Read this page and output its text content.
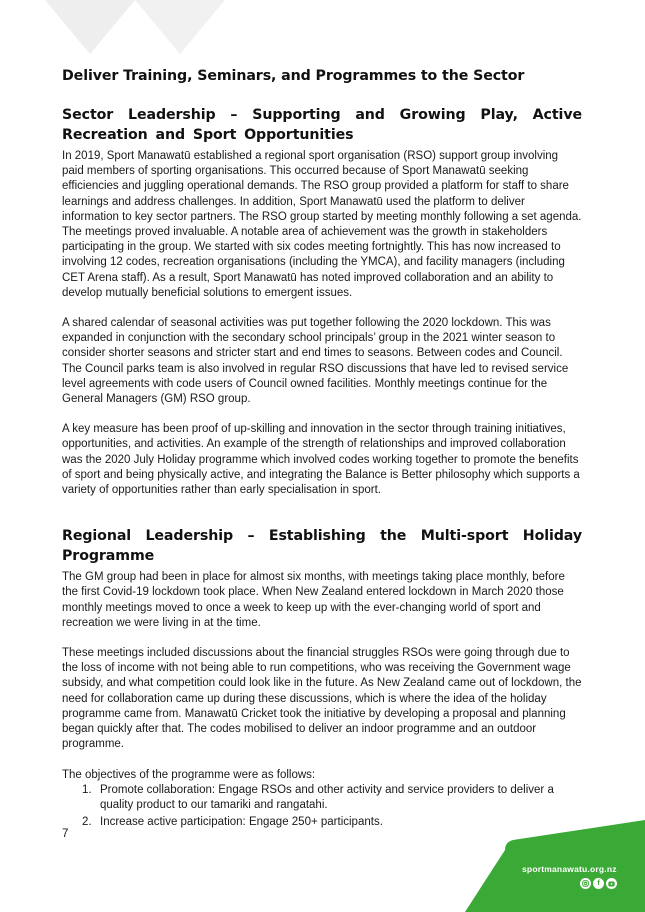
Deliver Training, Seminars, and Programmes to the Sector
Sector Leadership – Supporting and Growing Play, Active Recreation and Sport Opportunities

In 2019, Sport Manawatū established a regional sport organisation (RSO) support group involving paid members of sporting organisations. This occurred because of Sport Manawatū seeking efficiencies and juggling operational demands. The RSO group provided a platform for staff to share learnings and address challenges. In addition, Sport Manawatū used the platform to deliver information to key sector partners. The RSO group started by meeting monthly following a set agenda. The meetings proved invaluable. A notable area of achievement was the growth in stakeholders participating in the group. We started with six codes meeting fortnightly. This has now increased to involving 12 codes, recreation organisations (including the YMCA), and facility managers (including CET Arena staff). As a result, Sport Manawatū has noted improved collaboration and an ability to develop mutually beneficial solutions to emergent issues.

A shared calendar of seasonal activities was put together following the 2020 lockdown. This was expanded in conjunction with the secondary school principals’ group in the 2021 winter season to consider shorter seasons and stricter start and end times to seasons. Between codes and Council. The Council parks team is also involved in regular RSO discussions that have led to revised service level agreements with code users of Council owned facilities. Monthly meetings continue for the General Managers (GM) RSO group.

A key measure has been proof of up-skilling and innovation in the sector through training initiatives, opportunities, and activities. An example of the strength of relationships and improved collaboration was the 2020 July Holiday programme which involved codes working together to promote the benefits of sport and being physically active, and integrating the Balance is Better philosophy which supports a variety of opportunities rather than early specialisation in sport.

Regional Leadership – Establishing the Multi-sport Holiday Programme

The GM group had been in place for almost six months, with meetings taking place monthly, before the first Covid-19 lockdown took place. When New Zealand entered lockdown in March 2020 those monthly meetings moved to once a week to keep up with the ever-changing world of sport and recreation we were living in at the time.

These meetings included discussions about the financial struggles RSOs were going through due to the loss of income with not being able to run competitions, who was receiving the Government wage subsidy, and what competition could look like in the future. As New Zealand came out of lockdown, the need for collaboration came up during these discussions, which is where the idea of the holiday programme came from. Manawatū Cricket took the initiative by developing a proposal and planning began quickly after that. The codes mobilised to deliver an indoor programme and an outdoor programme.

The objectives of the programme were as follows:

1. Promote collaboration: Engage RSOs and other activity and service providers to deliver a quality product to our tamariki and rangatahi.
2. Increase active participation: Engage 250+ participants.
7
sportmanawatu.org.nz
f
